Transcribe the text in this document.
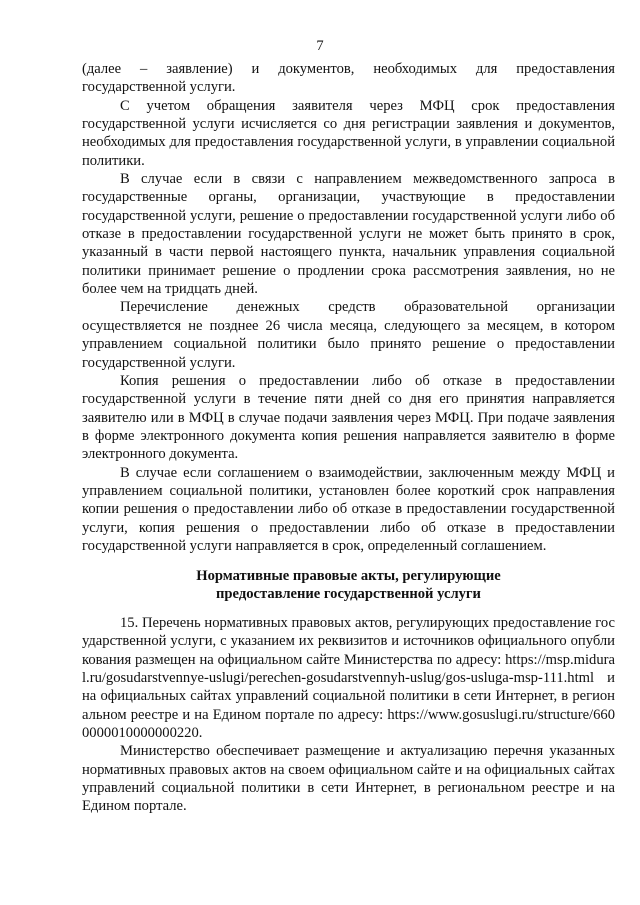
7

(далее – заявление) и документов, необходимых для предоставления государственной услуги.

С учетом обращения заявителя через МФЦ срок предоставления государственной услуги исчисляется со дня регистрации заявления и документов, необходимых для предоставления государственной услуги, в управлении социальной политики.

В случае если в связи с направлением межведомственного запроса в государственные органы, организации, участвующие в предоставлении государственной услуги, решение о предоставлении государственной услуги либо об отказе в предоставлении государственной услуги не может быть принято в срок, указанный в части первой настоящего пункта, начальник управления социальной политики принимает решение о продлении срока рассмотрения заявления, но не более чем на тридцать дней.

Перечисление денежных средств образовательной организации осуществляется не позднее 26 числа месяца, следующего за месяцем, в котором управлением социальной политики было принято решение о предоставлении государственной услуги.

Копия решения о предоставлении либо об отказе в предоставлении государственной услуги в течение пяти дней со дня его принятия направляется заявителю или в МФЦ в случае подачи заявления через МФЦ. При подаче заявления в форме электронного документа копия решения направляется заявителю в форме электронного документа.

В случае если соглашением о взаимодействии, заключенным между МФЦ и управлением социальной политики, установлен более короткий срок направления копии решения о предоставлении либо об отказе в предоставлении государственной услуги, копия решения о предоставлении либо об отказе в предоставлении государственной услуги направляется в срок, определенный соглашением.

Нормативные правовые акты, регулирующие
предоставление государственной услуги

15. Перечень нормативных правовых актов, регулирующих предоставление государственной услуги, с указанием их реквизитов и источников официального опубликования размещен на официальном сайте Министерства по адресу: https://msp.midural.ru/gosudarstvennye-uslugi/perechen-gosudarstvennyh-uslug/gos-usluga-msp-111.html и на официальных сайтах управлений социальной политики в сети Интернет, в региональном реестре и на Едином портале по адресу: https://www.gosuslugi.ru/structure/6600000010000000220.

Министерство обеспечивает размещение и актуализацию перечня указанных нормативных правовых актов на своем официальном сайте и на официальных сайтах управлений социальной политики в сети Интернет, в региональном реестре и на Едином портале.
